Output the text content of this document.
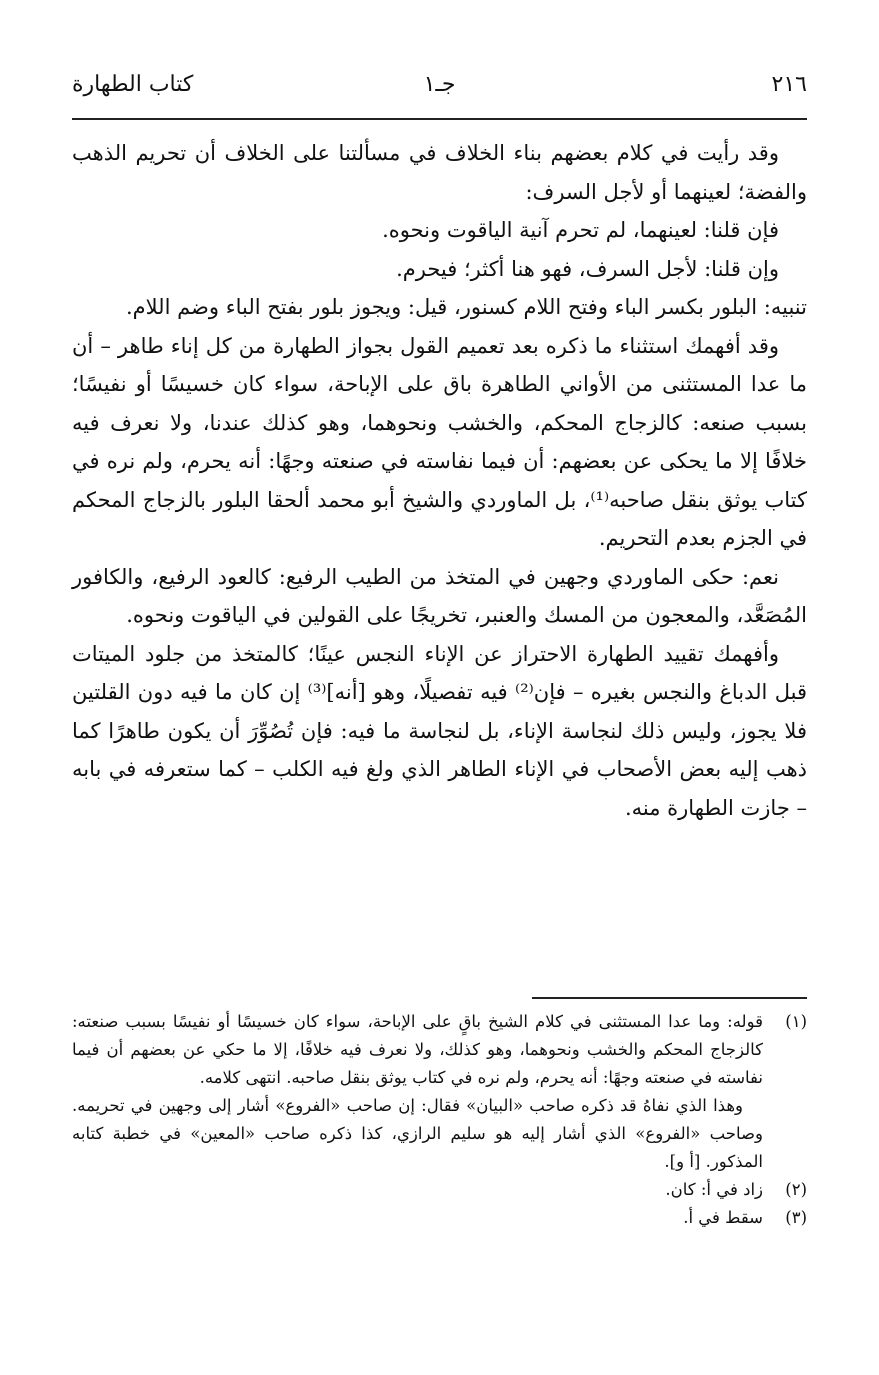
٢١٦
جـ١
كتاب الطهارة

وقد رأيت في كلام بعضهم بناء الخلاف في مسألتنا على الخلاف أن تحريم الذهب والفضة؛ لعينهما أو لأجل السرف:

فإن قلنا: لعينهما، لم تحرم آنية الياقوت ونحوه.

وإن قلنا: لأجل السرف، فهو هنا أكثر؛ فيحرم.

تنبيه: البلور بكسر الباء وفتح اللام كسنور، قيل: ويجوز بلور بفتح الباء وضم اللام.

وقد أفهمك استثناء ما ذكره بعد تعميم القول بجواز الطهارة من كل إناء طاهر – أن ما عدا المستثنى من الأواني الطاهرة باق على الإباحة، سواء كان خسيسًا أو نفيسًا؛ بسبب صنعه: كالزجاج المحكم، والخشب ونحوهما، وهو كذلك عندنا، ولا نعرف فيه خلافًا إلا ما يحكى عن بعضهم: أن فيما نفاسته في صنعته وجهًا: أنه يحرم، ولم نره في كتاب يوثق بنقل صاحبه⁽¹⁾، بل الماوردي والشيخ أبو محمد ألحقا البلور بالزجاج المحكم في الجزم بعدم التحريم.

نعم: حكى الماوردي وجهين في المتخذ من الطيب الرفيع: كالعود الرفيع، والكافور المُصَعَّد، والمعجون من المسك والعنبر، تخريجًا على القولين في الياقوت ونحوه.

وأفهمك تقييد الطهارة الاحتراز عن الإناء النجس عينًا؛ كالمتخذ من جلود الميتات قبل الدباغ والنجس بغيره – فإن⁽²⁾ فيه تفصيلًا، وهو [أنه]⁽³⁾ إن كان ما فيه دون القلتين فلا يجوز، وليس ذلك لنجاسة الإناء، بل لنجاسة ما فيه: فإن تُصُوِّرَ أن يكون طاهرًا كما ذهب إليه بعض الأصحاب في الإناء الطاهر الذي ولغ فيه الكلب – كما ستعرفه في بابه – جازت الطهارة منه.

(١)
قوله: وما عدا المستثنى في كلام الشيخ باقٍ على الإباحة، سواء كان خسيسًا أو نفيسًا بسبب صنعته: كالزجاج المحكم والخشب ونحوهما، وهو كذلك، ولا نعرف فيه خلافًا، إلا ما حكي عن بعضهم أن فيما نفاسته في صنعته وجهًا: أنه يحرم، ولم نره في كتاب يوثق بنقل صاحبه. انتهى كلامه.

وهذا الذي نفاهُ قد ذكره صاحب «البيان» فقال: إن صاحب «الفروع» أشار إلى وجهين في تحريمه. وصاحب «الفروع» الذي أشار إليه هو سليم الرازي، كذا ذكره صاحب «المعين» في خطبة كتابه المذكور. [أ و].

(٢)
زاد في أ: كان.

(٣)
سقط في أ.
